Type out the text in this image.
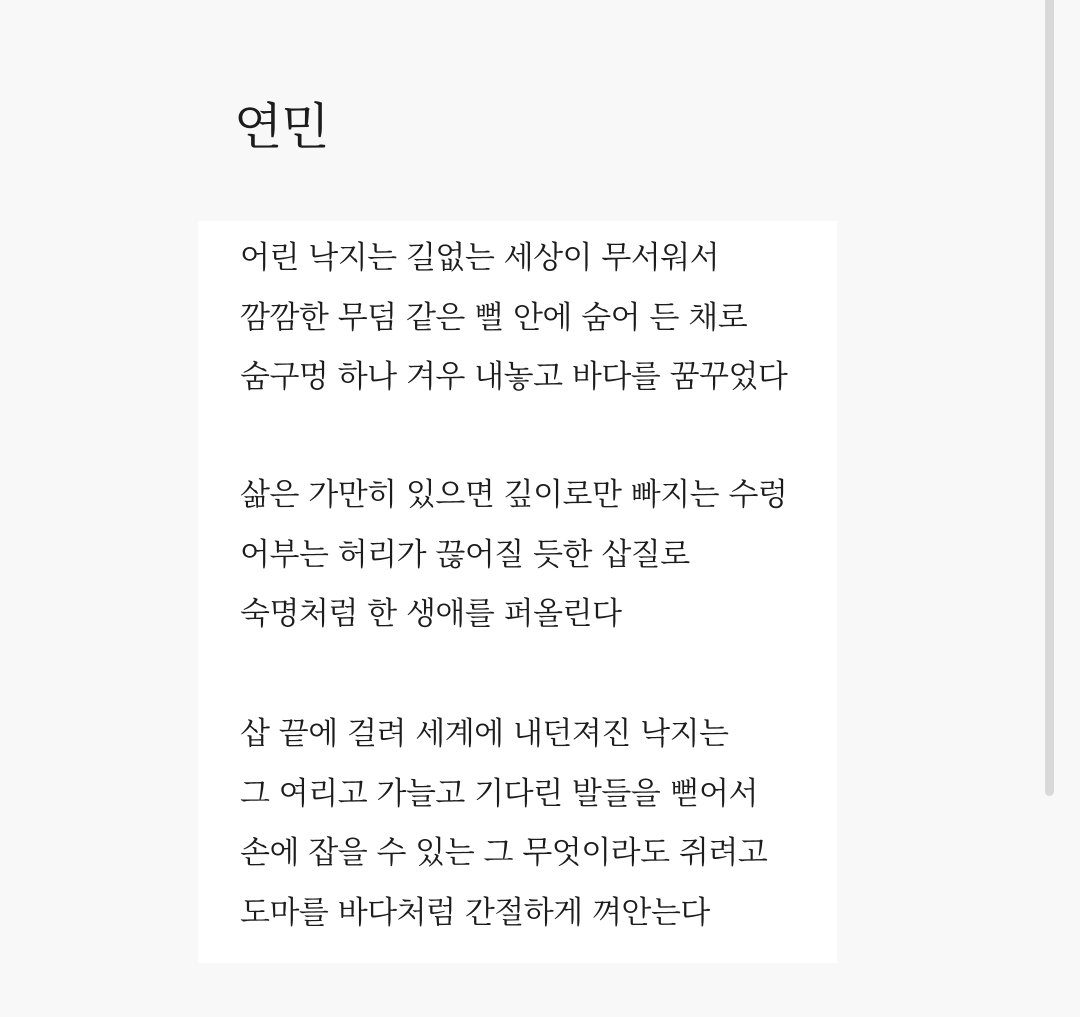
연민
어린 낙지는 길없는 세상이 무서워서
깜깜한 무덤 같은 뻘 안에 숨어 든 채로
숨구멍 하나 겨우 내놓고 바다를 꿈꾸었다
삶은 가만히 있으면 깊이로만 빠지는 수렁
어부는 허리가 끊어질 듯한 삽질로
숙명처럼 한 생애를 퍼올린다
삽 끝에 걸려 세계에 내던져진 낙지는
그 여리고 가늘고 기다린 발들을 뻗어서
손에 잡을 수 있는 그 무엇이라도 쥐려고
도마를 바다처럼 간절하게 껴안는다
